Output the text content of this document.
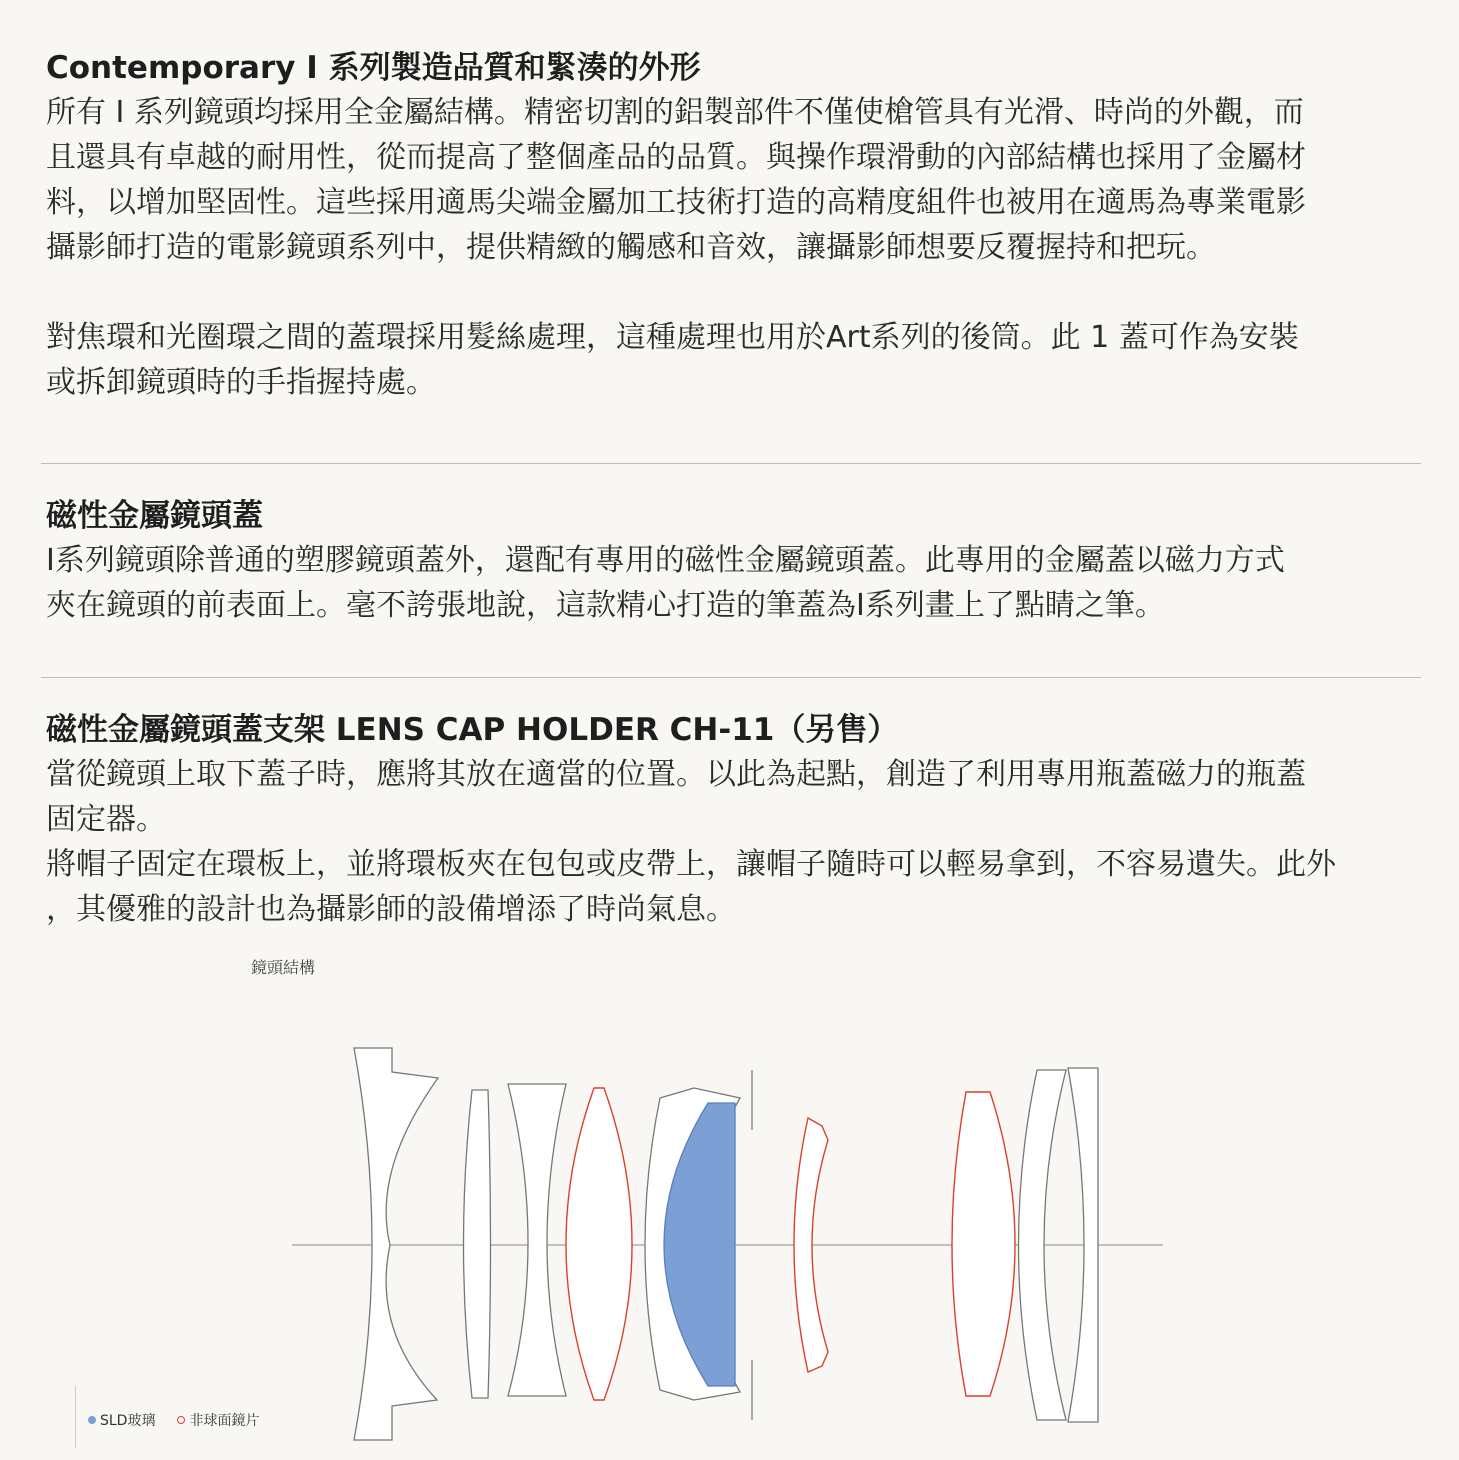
Contemporary I 系列製造品質和緊湊的外形

所有 I 系列鏡頭均採用全金屬結構。精密切割的鋁製部件不僅使槍管具有光滑、時尚的外觀，而
且還具有卓越的耐用性，從而提高了整個產品的品質。與操作環滑動的內部結構也採用了金屬材
料，以增加堅固性。這些採用適馬尖端金屬加工技術打造的高精度組件也被用在適馬為專業電影
攝影師打造的電影鏡頭系列中，提供精緻的觸感和音效，讓攝影師想要反覆握持和把玩。

對焦環和光圈環之間的蓋環採用髮絲處理，這種處理也用於Art系列的後筒。此 1 蓋可作為安裝
或拆卸鏡頭時的手指握持處。

磁性金屬鏡頭蓋

I系列鏡頭除普通的塑膠鏡頭蓋外，還配有專用的磁性金屬鏡頭蓋。此專用的金屬蓋以磁力方式
夾在鏡頭的前表面上。毫不誇張地說，這款精心打造的筆蓋為I系列畫上了點睛之筆。

磁性金屬鏡頭蓋支架 LENS CAP HOLDER CH-11（另售）

當從鏡頭上取下蓋子時，應將其放在適當的位置。以此為起點，創造了利用專用瓶蓋磁力的瓶蓋
固定器。

將帽子固定在環板上，並將環板夾在包包或皮帶上，讓帽子隨時可以輕易拿到，不容易遺失。此外
，其優雅的設計也為攝影師的設備增添了時尚氣息。

鏡頭結構
SLD玻璃 非球面鏡片
